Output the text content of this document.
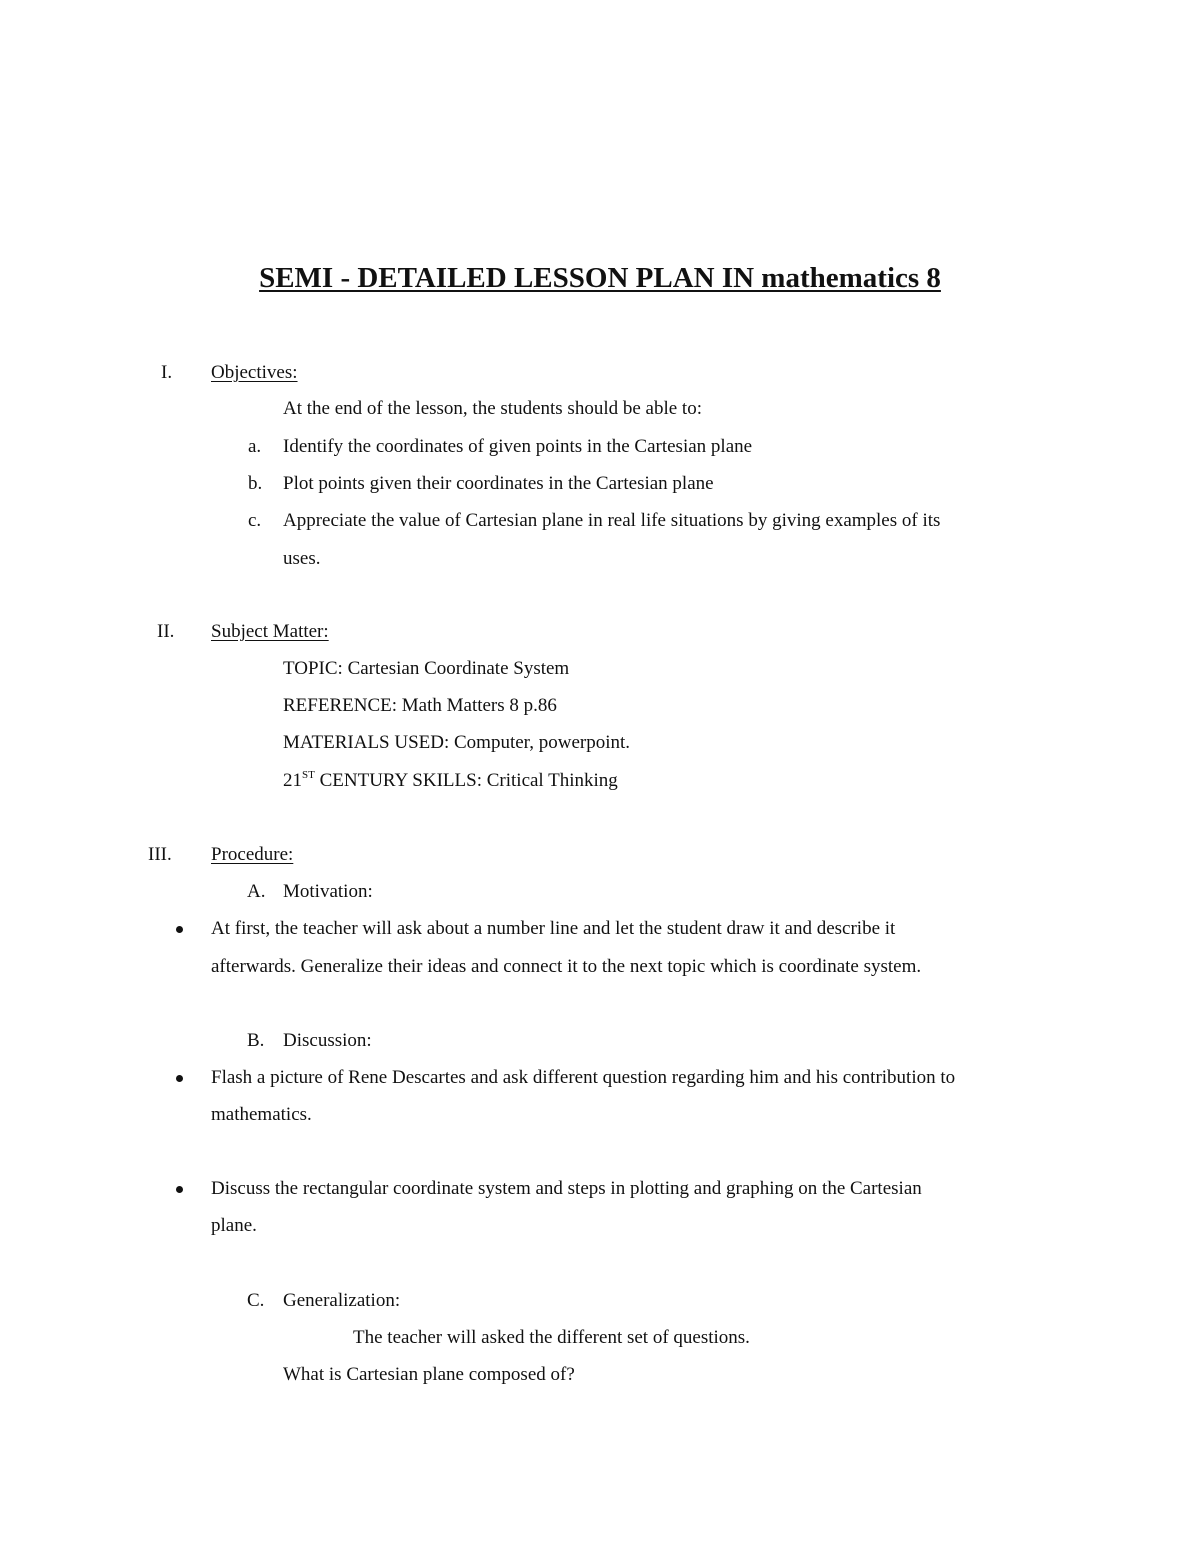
SEMI - DETAILED LESSON PLAN IN mathematics 8
I. Objectives:
At the end of the lesson, the students should be able to:
a. Identify the coordinates of given points in the Cartesian plane
b. Plot points given their coordinates in the Cartesian plane
c. Appreciate the value of Cartesian plane in real life situations by giving examples of its
uses.
II. Subject Matter:
TOPIC: Cartesian Coordinate System
REFERENCE: Math Matters 8 p.86
MATERIALS USED: Computer, powerpoint.
21ST CENTURY SKILLS: Critical Thinking
III. Procedure:
A. Motivation:
At first, the teacher will ask about a number line and let the student draw it and describe it
afterwards. Generalize their ideas and connect it to the next topic which is coordinate system.
B. Discussion:
Flash a picture of Rene Descartes and ask different question regarding him and his contribution to
mathematics.
Discuss the rectangular coordinate system and steps in plotting and graphing on the Cartesian
plane.
C. Generalization:
The teacher will asked the different set of questions.
What is Cartesian plane composed of?
